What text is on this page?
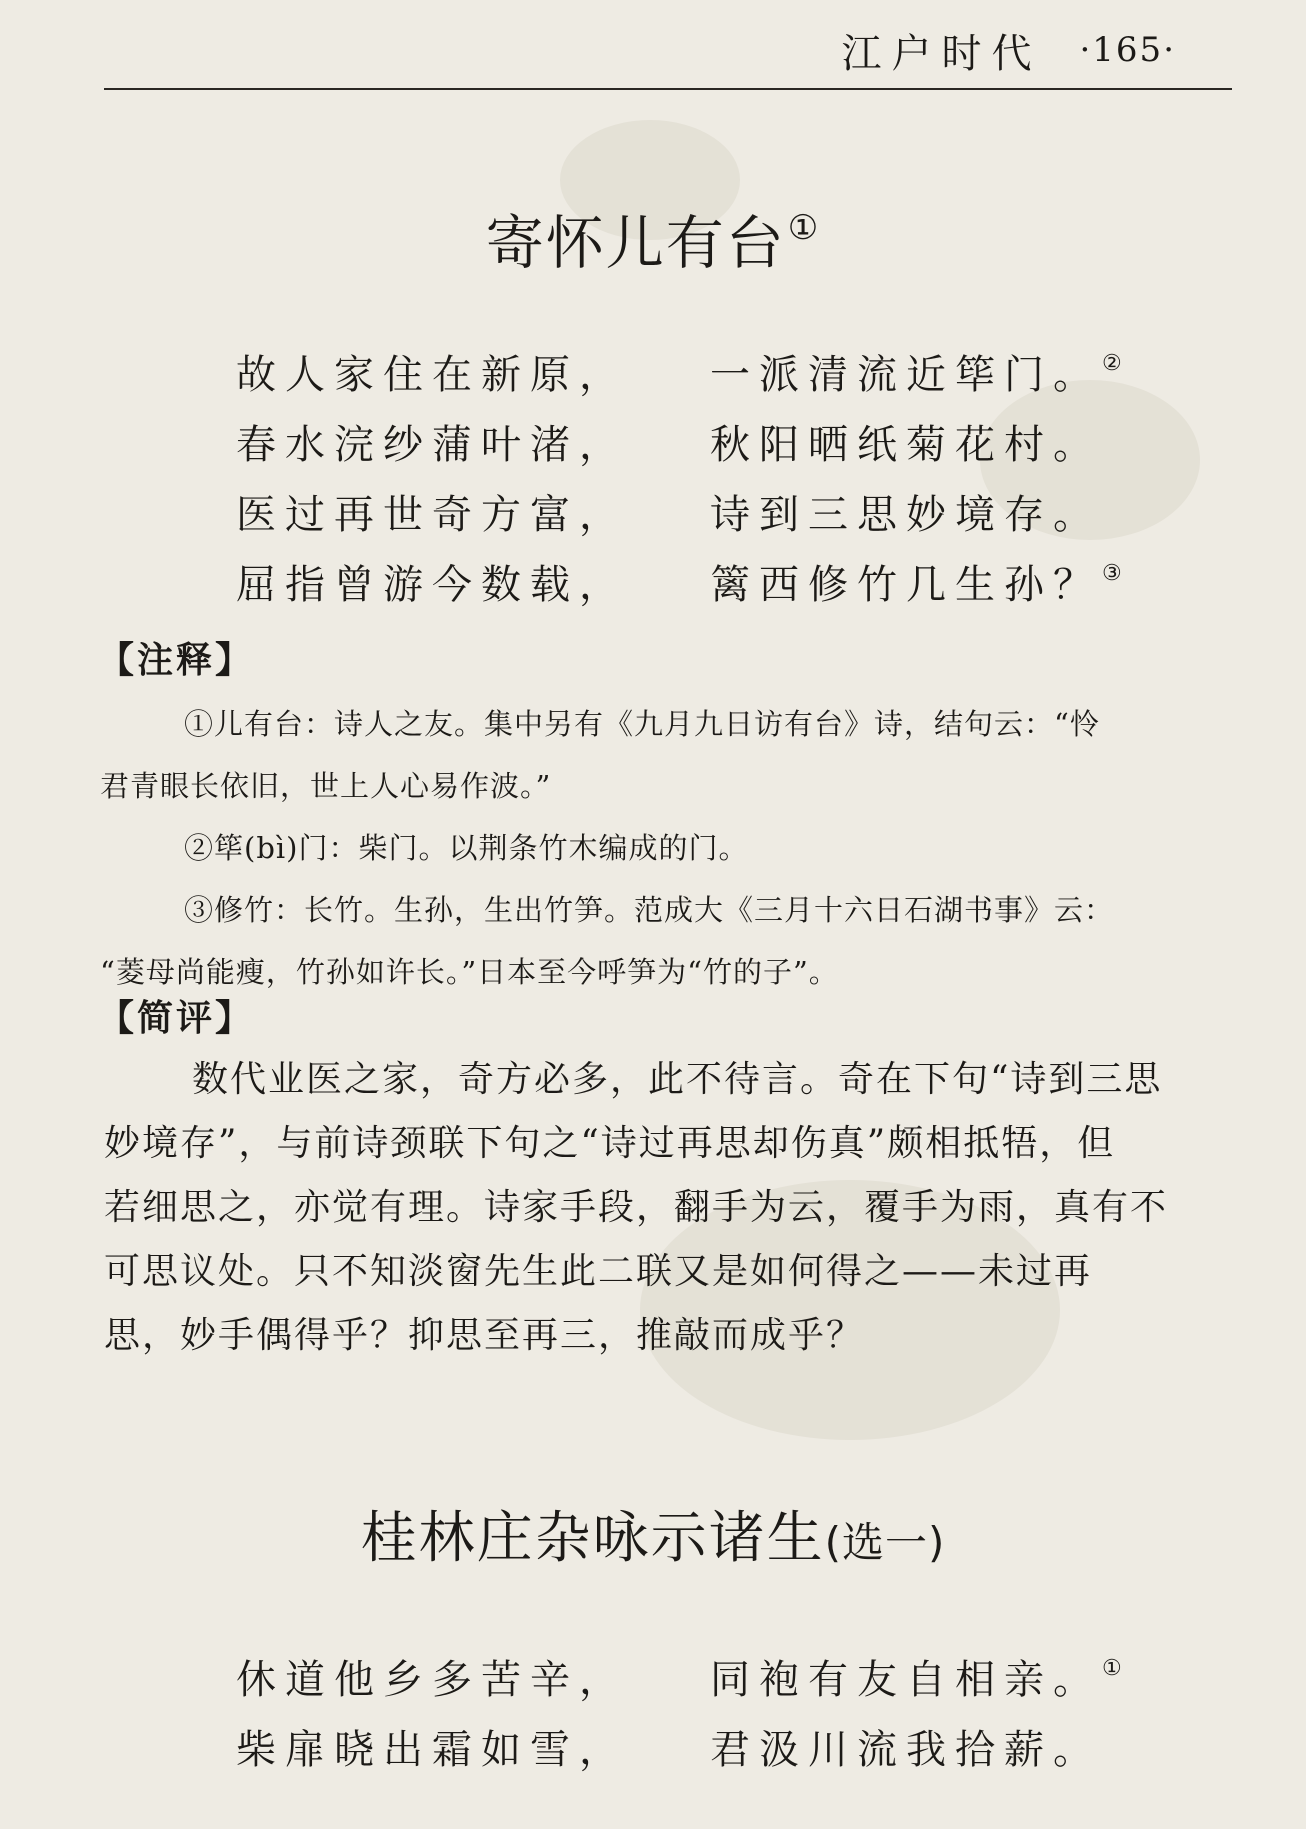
江户时代 ·165·
寄怀儿有台①
故人家住在新原，	一派清流近筚门。②
春水浣纱蒲叶渚，	秋阳晒纸菊花村。
医过再世奇方富，	诗到三思妙境存。
屈指曾游今数载，	篱西修竹几生孙？③
【注释】
①儿有台：诗人之友。集中另有《九月九日访有台》诗，结句云：“怜
君青眼长依旧，世上人心易作波。”
②筚(bì)门：柴门。以荆条竹木编成的门。
③修竹：长竹。生孙，生出竹笋。范成大《三月十六日石湖书事》云：
“菱母尚能瘦，竹孙如许长。”日本至今呼笋为“竹的子”。
【简评】
数代业医之家，奇方必多，此不待言。奇在下句“诗到三思
妙境存”，与前诗颈联下句之“诗过再思却伤真”颇相抵牾，但
若细思之，亦觉有理。诗家手段，翻手为云，覆手为雨，真有不
可思议处。只不知淡窗先生此二联又是如何得之——未过再
思，妙手偶得乎？抑思至再三，推敲而成乎？
桂林庄杂咏示诸生(选一)
休道他乡多苦辛，	同袍有友自相亲。①
柴扉晓出霜如雪，	君汲川流我拾薪。
